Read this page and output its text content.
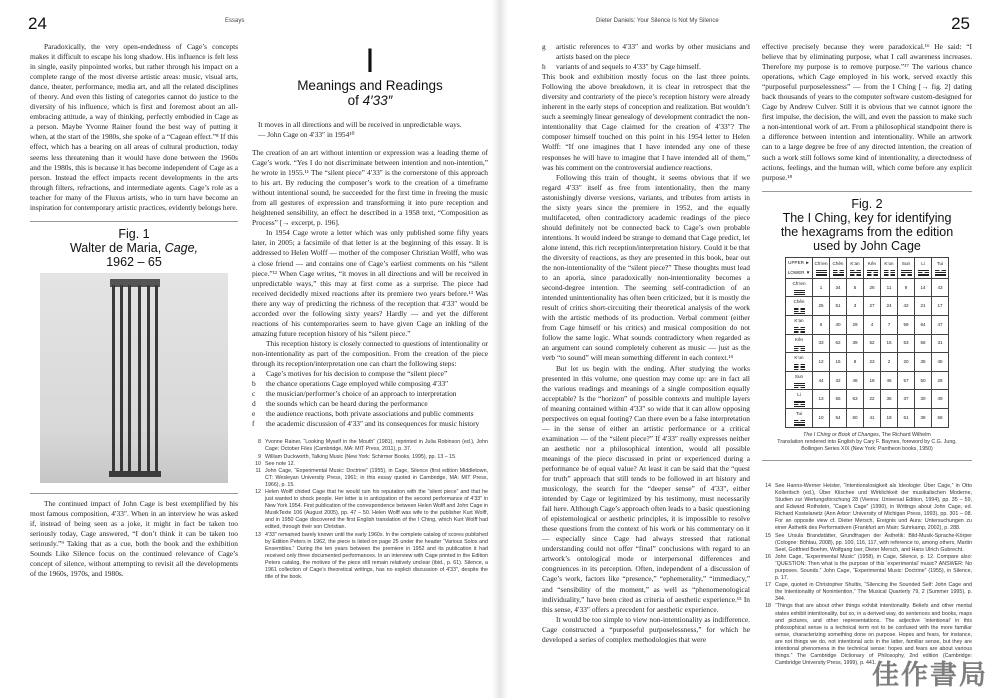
24	Essays

Paradoxically, the very open-endedness of Cage’s concepts makes it difficult to escape his long shadow. His influence is felt less in single, easily pinpointed works, but rather through his impact on a complete range of the most diverse artistic areas: music, visual arts, dance, theater, performance, media art, and all the related disciplines of theory. And even this listing of categories cannot do justice to the diversity of his influence, which is first and foremost about an all-embracing attitude, a way of thinking, perfectly embodied in Cage as a person. Maybe Yvonne Rainer found the best way of putting it when, at the start of the 1980s, she spoke of a “Cagean effect.”⁸ If this effect, which has a bearing on all areas of cultural production, today seems less threatening than it would have done between the 1960s and the 1980s, this is because it has become independent of Cage as a person. Instead the effect impacts recent developments in the arts through filters, refractions, and intermediate agents. Cage’s role as a teacher for many of the Fluxus artists, who in turn have become an inspiration for contemporary artistic practices, evidently belongs here.

Fig. 1
Walter de Maria, Cage,
1962 – 65

The continued impact of John Cage is best exemplified by his most famous composition, 4′33″. When in an interview he was asked if, instead of being seen as a joke, it might in fact be taken too seriously today, Cage answered, “I don’t think it can be taken too seriously.”⁹ Taking that as a cue, both the book and the exhibition Sounds Like Silence focus on the continued relevance of Cage’s concept of silence, without attempting to revisit all the developments of the 1960s, 1970s, and 1980s.

I
Meanings and Readings
of 4′33″
It moves in all directions and will be received in unpredictable ways.
— John Cage on 4′33″ in 1954¹⁰

The creation of an art without intention or expression was a leading theme of Cage’s work. “Yes I do not discriminate between intention and non-intention,” he wrote in 1955.¹¹ The “silent piece” 4′33″ is the cornerstone of this approach to his art. By reducing the composer’s work to the creation of a timeframe without intentional sound, he succeeded for the first time in freeing the music from all gestures of expression and transforming it into pure reception and heightened sensibility, an effect he described in a 1958 text, “Composition as Process” [→ excerpt, p. 196].

In 1954 Cage wrote a letter which was only published some fifty years later, in 2005; a facsimile of that letter is at the beginning of this essay. It is addressed to Helen Wolff — mother of the composer Christian Wolff, who was a close friend — and contains one of Cage’s earliest comments on his “silent piece.”¹² When Cage writes, “it moves in all directions and will be received in unpredictable ways,” this may at first come as a surprise. The piece had received decidedly mixed reactions after its premiere two years before.¹³ Was there any way of predicting the richness of the reception that 4′33″ would be accorded over the following sixty years? Hardly — and yet the different reactions of his contemporaries seem to have given Cage an inkling of the amazing future reception history of his “silent piece.”

This reception history is closely connected to questions of intentionality or non-intentionality as part of the composition. From the creation of the piece through its reception/interpretation one can chart the following steps:

a	Cage’s motives for his decision to compose the “silent piece”
b	the chance operations Cage employed while composing 4′33″
c	the musician/performer’s choice of an approach to interpretation
d	the sounds which can be heard during the performance
e	the audience reactions, both private associations and public comments
f	the academic discussion of 4′33″ and its consequences for music history
8 Yvonne Rainer, “Looking Myself in the Mouth” (1981), reprinted in Julia Robinson (ed.), John Cage: October Files (Cambridge, MA: MIT Press, 2011), p. 37.
9 William Duckworth, Talking Music (New York: Schirmer Books, 1995), pp. 13 – 15.
10 See note 12.
11 John Cage, “Experimental Music: Doctrine” (1955), in Cage, Silence (first edition Middletown, CT: Wesleyan University Press, 1961; in this essay quoted in Cambridge, MA: MIT Press, 1966), p. 15.
12 Helen Wolff chided Cage that he would ruin his reputation with the “silent piece” and that he just wanted to shock people. Her letter is in anticipation of the second performance of 4′33″ in New York 1954. First publication of the correspondence between Helen Wolff and John Cage in MusikTexte 106 (August 2005), pp. 47 – 50. Helen Wolff was wife to the publisher Kurt Wolff, and in 1950 Cage discovered the first English translation of the I Ching, which Kurt Wolff had edited, through their son Christian.
13 4′33″ remained barely known until the early 1960s. In the complete catalog of scores published by Edition Peters in 1962, the piece is listed on page 25 under the header “Various Solos and Ensembles.” During the ten years between the premiere in 1952 and its publication it had received only three documented performances. In an interview with Cage printed in the Edition Peters catalog, the motives of the piece still remain relatively unclear (ibid., p. 61). Silence, a 1961 collection of Cage’s theoretical writings, has no explicit discussion of 4′33″, despite the title of the book.
Dieter Daniels: Your Silence Is Not My Silence	25
g	artistic references to 4′33″ and works by other musicians and artists based on the piece
h	variants of and sequels to 4′33″ by Cage himself.

This book and exhibition mostly focus on the last three points. Following the above breakdown, it is clear in retrospect that the diversity and contrariety of the piece’s reception history were already inherent in the early steps of conception and realization. But wouldn’t such a seemingly linear genealogy of development contradict the non-intentionality that Cage claimed for the creation of 4′33″? The composer himself touched on this point in his 1954 letter to Helen Wolff: “If one imagines that I have intended any one of these responses he will have to imagine that I have intended all of them,” was his comment on the controversial audience reactions.

Following this train of thought, it seems obvious that if we regard 4′33″ itself as free from intentionality, then the many astonishingly diverse versions, variants, and tributes from artists in the sixty years since the premiere in 1952, and the equally multifaceted, often contradictory academic readings of the piece should definitely not be connected back to Cage’s own probable intentions. It would indeed be strange to demand that Cage predict, let alone intend, this rich reception/interpretation history. Could it be that the diversity of reactions, as they are presented in this book, bear out the non-intentionality of the “silent piece?” These thoughts must lead to an aporia, since paradoxically non-intentionality becomes a second-degree intention. The seeming self-contradiction of an intended unintentionality has often been criticized, but it is mostly the result of critics short-circuiting their theoretical analysis of the work with the artistic methods of its production. Verbal comment (either from Cage himself or his critics) and musical composition do not follow the same logic. What sounds contradictory when regarded as an argument can sound completely coherent as music — just as the verb “to sound” will mean something different in each context.¹⁴

But let us begin with the ending. After studying the works presented in this volume, one question may come up: are in fact all the various readings and meanings of a single composition equally acceptable? Is the “horizon” of possible contexts and multiple layers of meaning contained within 4′33″ so wide that it can allow opposing perspectives on equal footing? Can there even be a false interpretation — in the sense of either an artistic performance or a critical examination — of the “silent piece?” If 4′33″ really expresses neither an aesthetic nor a philosophical intention, would all possible meanings of the piece discussed in print or experienced during a performance be of equal value? At least it can be said that the “quest for truth” approach that still tends to be followed in art history and musicology, the search for the “deeper sense” of 4′33″, either intended by Cage or legitimized by his testimony, must necessarily fail here. Although Cage’s approach often leads to a basic questioning of epistemological or aesthetic principles, it is impossible to resolve these questions from the context of his work or his commentary on it — especially since Cage had always stressed that rational understanding could not offer “final” conclusions with regard to an artwork’s ontological mode or interpersonal differences and congruences in its perception. Often, independent of a discussion of Cage’s work, factors like “presence,” “ephemerality,” “immediacy,” and “sensibility of the moment,” as well as “phenomenological individuality,” have been cited as criteria of aesthetic experience.¹⁵ In this sense, 4′33″ offers a precedent for aesthetic experience.

It would be too simple to view non-intentionality as indifference. Cage constructed a “purposeful purposelessness,” for which he developed a series of complex methodologies that were

effective precisely because they were paradoxical.¹⁶ He said: “I believe that by eliminating purpose, what I call awareness increases. Therefore my purpose is to remove purpose.”¹⁷ The various chance operations, which Cage employed in his work, served exactly this “purposeful purposelessness” — from the I Ching [→ fig. 2] dating back thousands of years to the computer software custom-designed for Cage by Andrew Culver. Still it is obvious that we cannot ignore the first impulse, the decision, the will, and even the passion to make such a non-intentional work of art. From a philosophical standpoint there is a difference between intention and intentionality. While an artwork can to a large degree be free of any directed intention, the creation of such a work still follows some kind of intentionality, a directedness of actions, feelings, and the human will, which come before any explicit purpose.¹⁸

Fig. 2
The I Ching, key for identifying
the hexagrams from the edition
used by John Cage
UPPER ►
LOWER ▼	Ch’ien	Chên	K’an	Kên	K’un	Sun	Li	Tui

Ch’ien	1	34	5	26	11	9	14	43

Chên	25	51	3	27	24	42	21	17

K’an	6	40	29	4	7	59	64	47

Kên	33	62	39	52	15	53	56	31

K’un	12	16	8	23	2	20	35	45

Sun	44	32	48	18	46	57	50	28

Li	13	55	63	22	36	37	30	49

Tui	10	54	60	41	19	61	38	58
The I Ching or Book of Changes, The Richard Wilhelm
Translation rendered into English by Cary F. Baynes, foreword by C.G. Jung,
Bollingen Series XIX (New York: Pantheon books, 1950)
14 See Hanns-Werner Heister, “Intentionslosigkeit als Ideologie: Über Cage,” in Otto Kolleritsch (ed.), Über Klischee und Wirklichkeit der musikalischen Moderne, Studien zur Wertungsforschung 28 (Vienna: Universal Edition, 1994), pp. 35 – 59, and Edward Rothstein, “Cage’s Cage” (1990), in Writings about John Cage, ed. Richard Kostelanetz (Ann Arbor: University of Michigan Press, 1993), pp. 301 – 08. For an opposite view cf. Dieter Mersch, Ereignis und Aura: Untersuchungen zu einer Ästhetik des Performativen (Frankfurt am Main: Suhrkamp, 2002), p. 288.
15 See Ursula Brandstätter, Grundfragen der Ästhetik: Bild-Musik-Sprache-Körper (Cologne: Böhlau, 2008), pp. 100, 116, 117, with reference to, among others, Martin Seel, Gottfried Boehm, Wolfgang Iser, Dieter Mersch, and Hans Ulrich Gubrecht.
16 John Cage, “Experimental Music” (1958), in Cage, Silence, p. 12. Compare also: “QUESTION: Then what is the purpose of this ‘experimental’ music? ANSWER: No purposes. Sounds.” John Cage, “Experimental Music: Doctrine” (1955), in Silence, p. 17.
17 Cage, quoted in Christopher Shultis, “Silencing the Sounded Self: John Cage and the Intentionality of Nonintention,” The Musical Quarterly 79, 2 (Summer 1995), p. 344.
18 “Things that are about other things exhibit intentionality. Beliefs and other mental states exhibit intentionality, but so, in a derived way, do sentences and books, maps and pictures, and other representations. The adjective ‘intentional’ in this philosophical sense is a technical term not to be confused with the more familiar sense, characterizing something done on purpose. Hopes and fears, for instance, are not things we do, not intentional acts in the latter, familiar sense, but they are intentional phenomena in the technical sense: hopes and fears are about various things.” The Cambridge Dictionary of Philosophy, 2nd edition (Cambridge: Cambridge University Press, 1999), p. 441.
佳作書局
